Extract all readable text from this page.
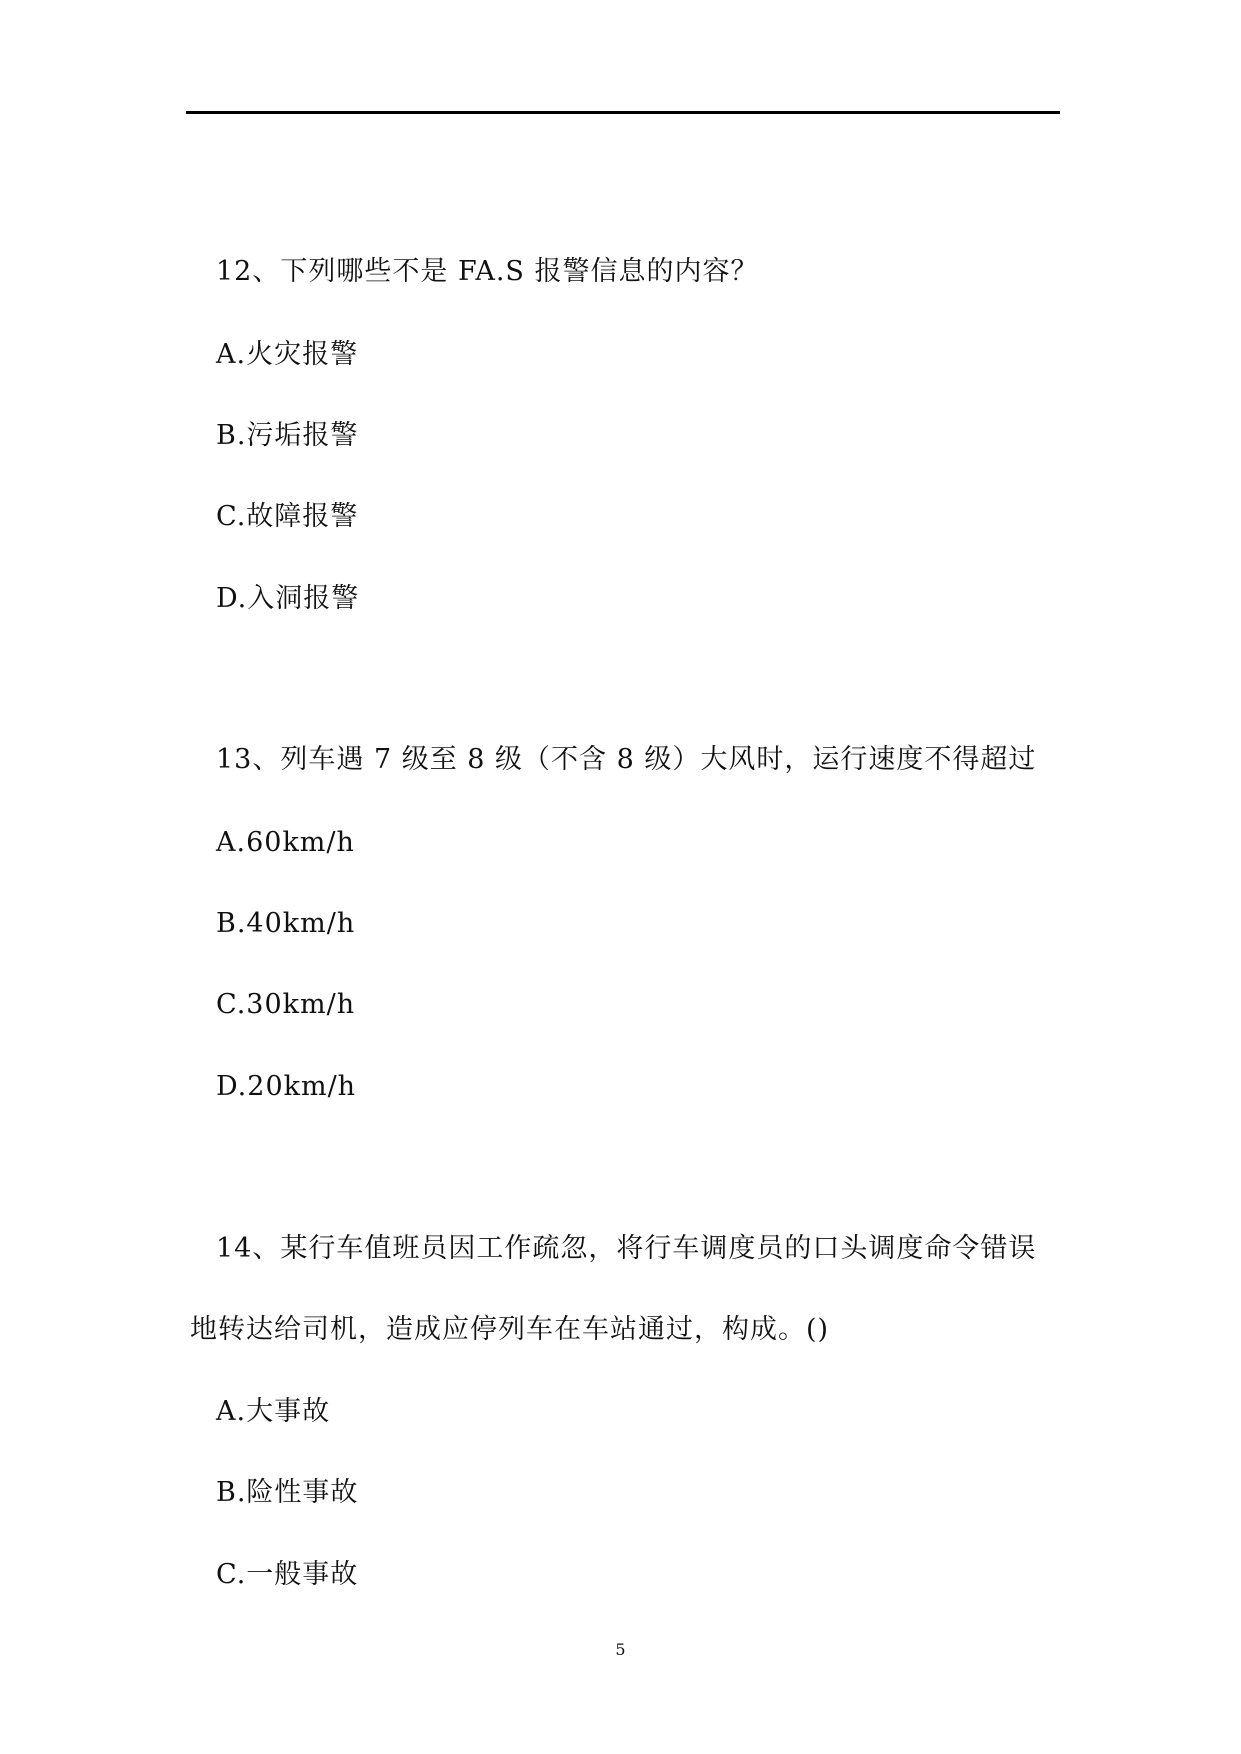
12、下列哪些不是 FA.S 报警信息的内容？
A.火灾报警
B.污垢报警
C.故障报警
D.入洞报警
13、列车遇 7 级至 8 级（不含 8 级）大风时，运行速度不得超过
A.60km/h
B.40km/h
C.30km/h
D.20km/h
14、某行车值班员因工作疏忽，将行车调度员的口头调度命令错误
地转达给司机，造成应停列车在车站通过，构成。()
A.大事故
B.险性事故
C.一般事故
5
